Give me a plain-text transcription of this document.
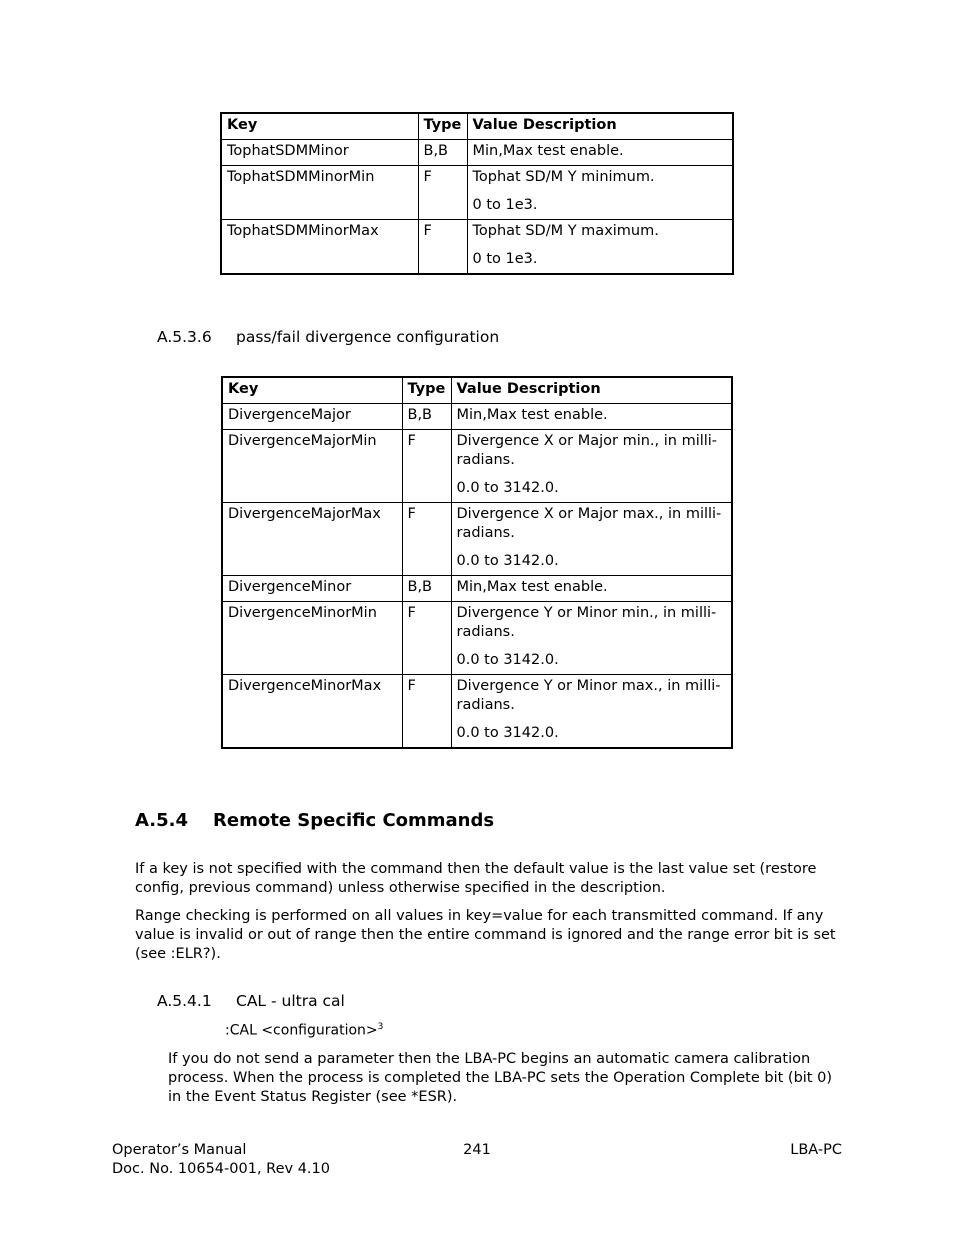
Key	Type	Value Description
TophatSDMMinor	B,B	Min,Max test enable.

TophatSDMMinorMin	F	Tophat SD/M Y minimum.
0 to 1e3.

TophatSDMMinorMax	F	Tophat SD/M Y maximum.
0 to 1e3.
A.5.3.6 pass/fail divergence configuration
Key	Type	Value Description
DivergenceMajor	B,B	Min,Max test enable.

DivergenceMajorMin	F	Divergence X or Major min., in milli-radians.
0.0 to 3142.0.

DivergenceMajorMax	F	Divergence X or Major max., in milli-radians.
0.0 to 3142.0.

DivergenceMinor	B,B	Min,Max test enable.

DivergenceMinorMin	F	Divergence Y or Minor min., in milli-radians.
0.0 to 3142.0.

DivergenceMinorMax	F	Divergence Y or Minor max., in milli-radians.
0.0 to 3142.0.
A.5.4 Remote Specific Commands

If a key is not specified with the command then the default value is the last value set (restore config, previous command) unless otherwise specified in the description.

Range checking is performed on all values in key=value for each transmitted command. If any value is invalid or out of range then the entire command is ignored and the range error bit is set (see :ELR?).

A.5.4.1 CAL - ultra cal
:CAL <configuration>$^3$

If you do not send a parameter then the LBA-PC begins an automatic camera calibration process. When the process is completed the LBA-PC sets the Operation Complete bit (bit 0) in the Event Status Register (see *ESR).

Operator’s Manual
Doc. No. 10654-001, Rev 4.10
241	LBA-PC
